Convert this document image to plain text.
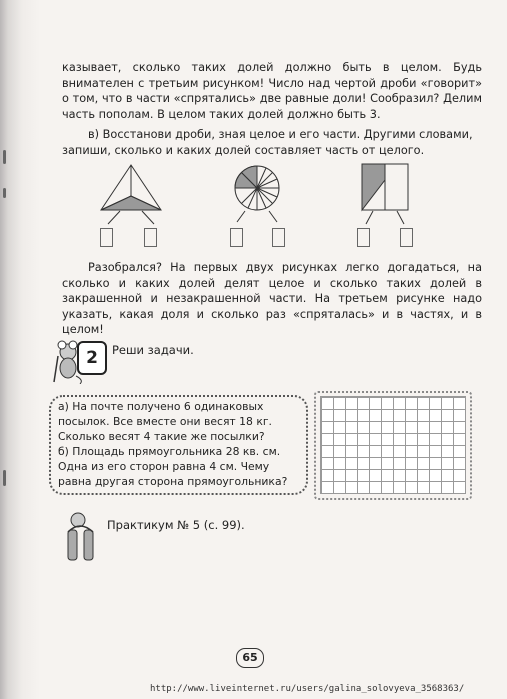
казывает, сколько таких долей должно быть в целом. Будь внимателен с третьим рисунком! Число над чертой дроби «говорит» о том, что в части «спрятались» две равные доли! Сообразил? Делим часть пополам. В целом таких долей должно быть 3.
в) Восстанови дроби, зная целое и его части. Другими словами, запиши, сколько и каких долей составляет часть от целого.
Разобрался? На первых двух рисунках легко догадаться, на сколько и каких долей делят целое и сколько таких долей в закрашенной и незакрашенной части. На третьем рисунке надо указать, какая доля и сколько раз «спряталась» и в частях, и в целом!
2	Реши задачи.
а) На почте получено 6 одинаковых посылок. Все вместе они весят 18 кг. Сколько весят 4 такие же посылки?
б) Площадь прямоугольника 28 кв. см. Одна из его сторон равна 4 см. Чему равна другая сторона прямоугольника?
Практикум № 5 (с. 99).
65
http://www.liveinternet.ru/users/galina_solovyeva_3568363/
